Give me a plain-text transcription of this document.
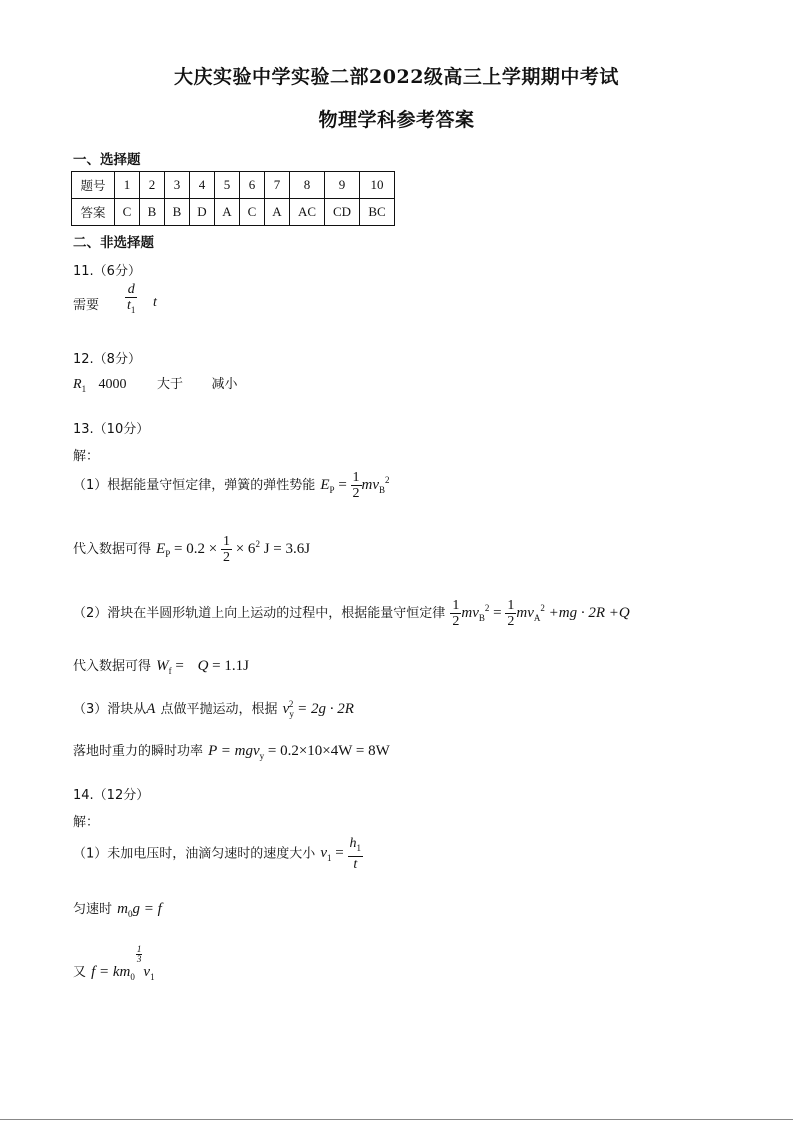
大庆实验中学实验二部2022级高三上学期期中考试
物理学科参考答案
一、选择题
题号	1	2	3	4	5	6	7	8	9	10
答案	C	B	B	D	A	C	A	AC	CD	BC
二、非选择题
11.（6分）
需要 $\frac{d}{t_1}$ t
12.（8分）
$R_1$ 4000 大于 减小
13.（10分）
解：
（1）根据能量守恒定律，弹簧的弹性势能 $E_P = \frac{1}{2} mv_B^2$
代入数据可得 $E_P = 0.2 \times \frac{1}{2} \times 6^2$ J = 3.6J
（2）滑块在半圆形轨道上向上运动的过程中，根据能量守恒定律 $\frac{1}{2} mv_B^2 = \frac{1}{2} mv_A^2 +mg \cdot 2R +Q$
代入数据可得 $W_f = Q = 1.1J$
（3）滑块从A 点做平抛运动，根据 $v_y^2 = 2g \cdot 2R$
落地时重力的瞬时功率 P = mgv$_y$ = 0.2×10×4W = 8W
14.（12分）
解：
（1）未加电压时，油滴匀速时的速度大小 $v_1 = \frac{h_1}{t}$
匀速时 $m_0g = f$
又 $f = km_0$
$\frac{1}{3}$
$v_1$
